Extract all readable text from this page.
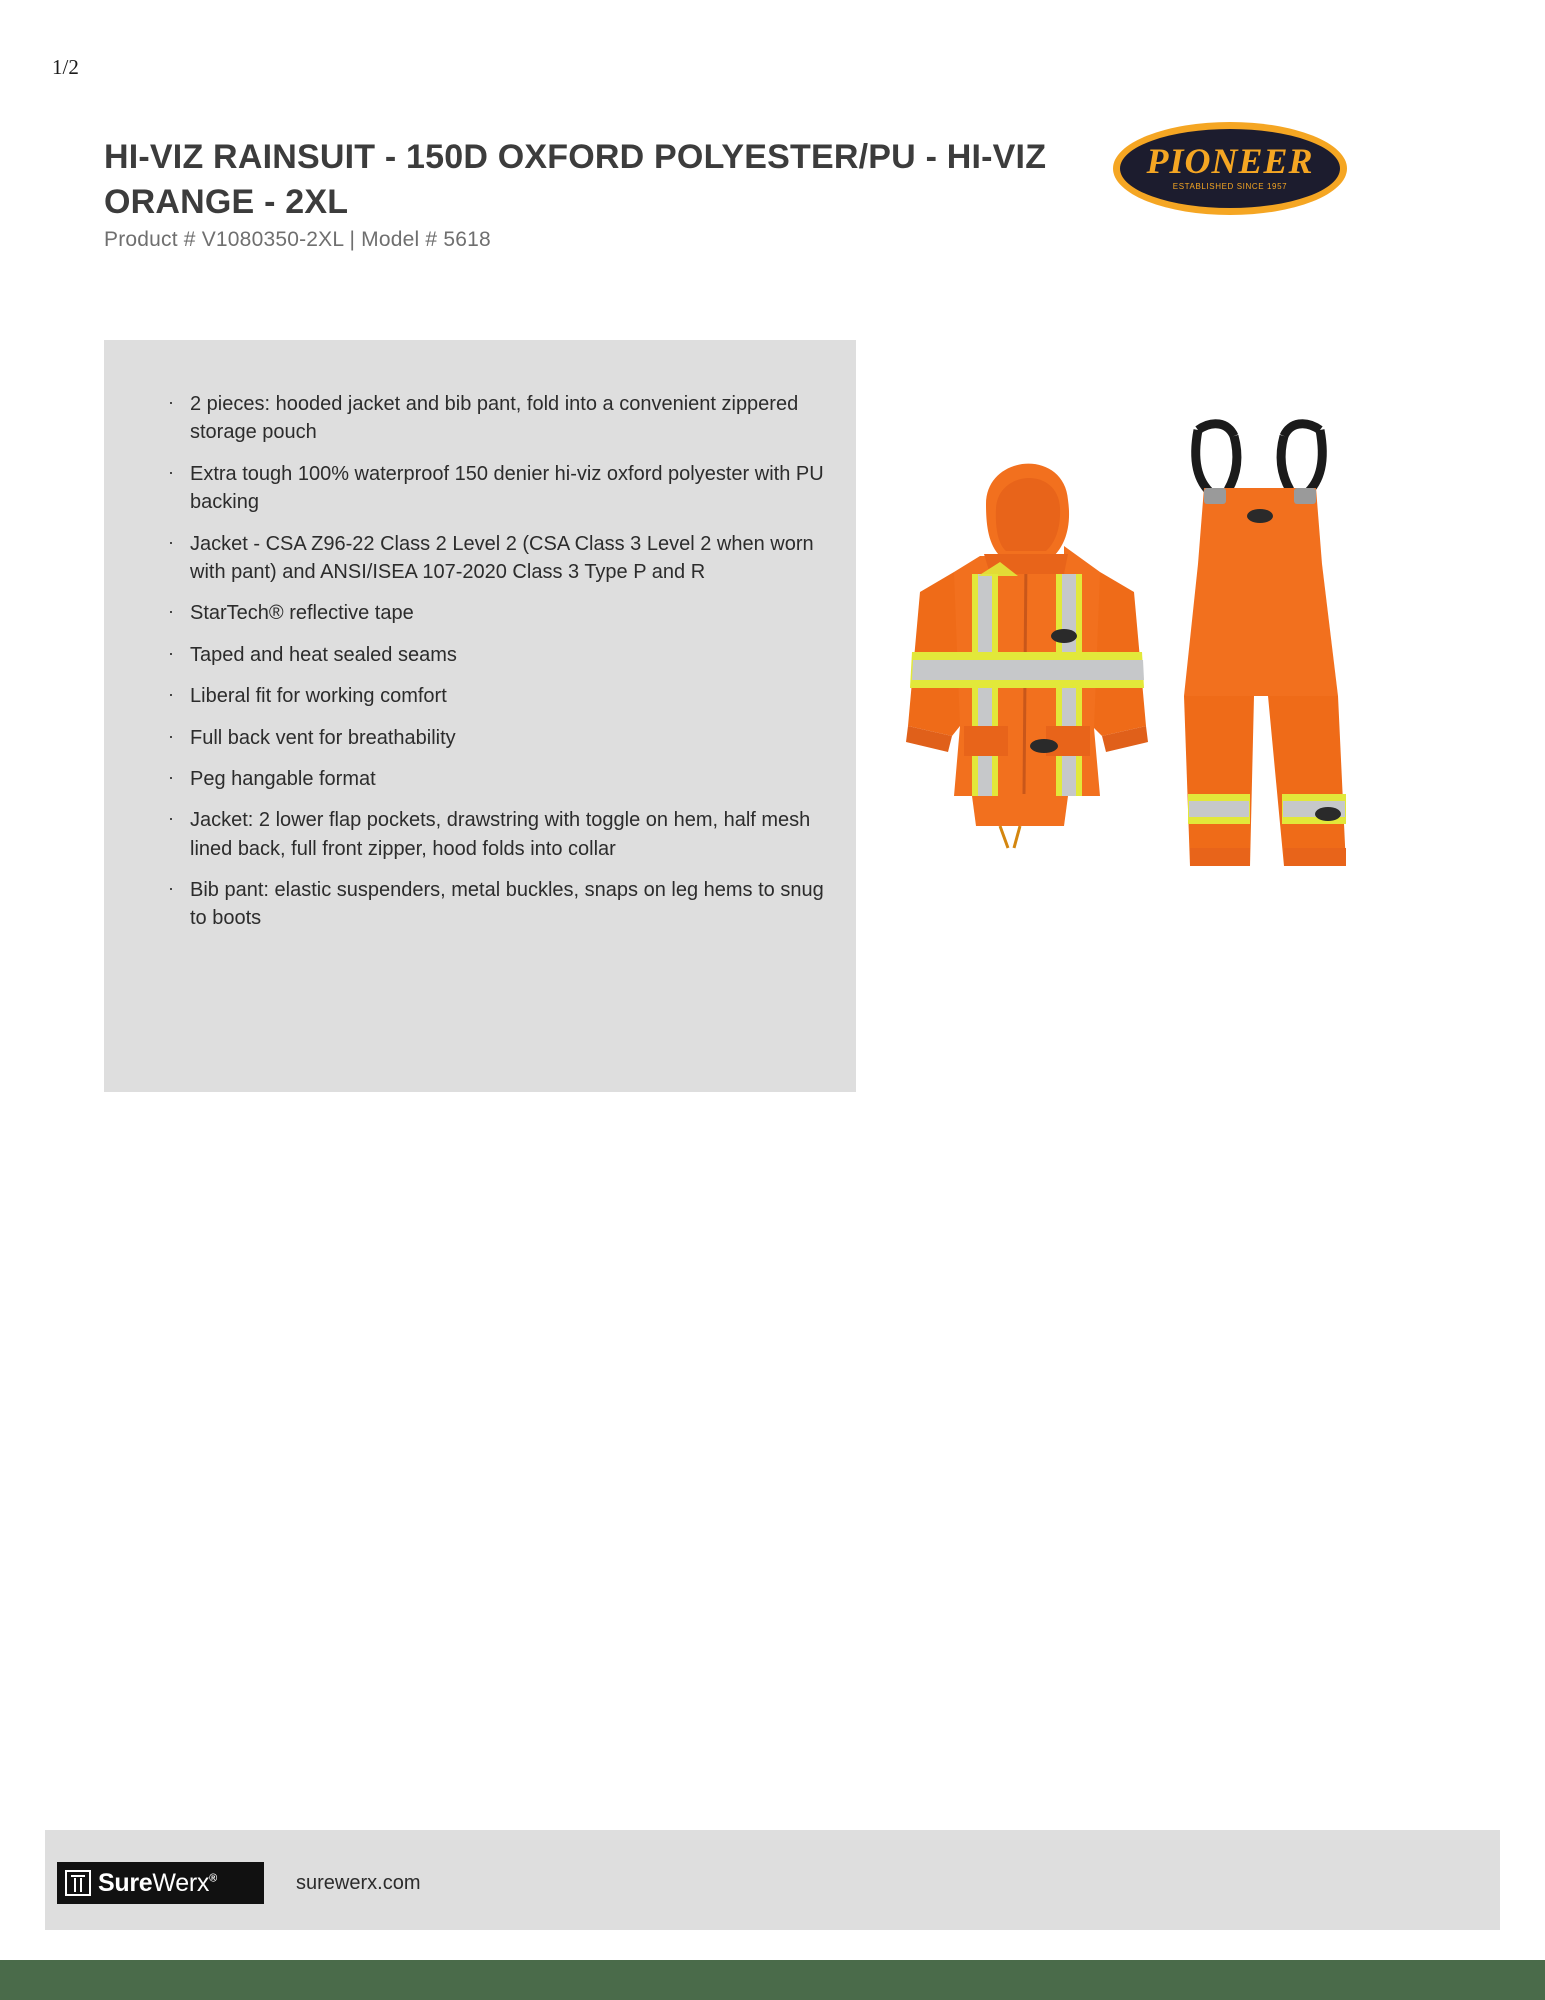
1/2
HI-VIZ RAINSUIT - 150D OXFORD POLYESTER/PU - HI-VIZ ORANGE - 2XL
Product # V1080350-2XL | Model # 5618
PIONEER
ESTABLISHED SINCE 1957
· 2 pieces: hooded jacket and bib pant, fold into a convenient zippered storage pouch
· Extra tough 100% waterproof 150 denier hi-viz oxford polyester with PU backing
· Jacket - CSA Z96-22 Class 2 Level 2 (CSA Class 3 Level 2 when worn with pant) and ANSI/ISEA 107-2020 Class 3 Type P and R
· StarTech® reflective tape
· Taped and heat sealed seams
· Liberal fit for working comfort
· Full back vent for breathability
· Peg hangable format
· Jacket: 2 lower flap pockets, drawstring with toggle on hem, half mesh lined back, full front zipper, hood folds into collar
· Bib pant: elastic suspenders, metal buckles, snaps on leg hems to snug to boots
SureWerx®	surewerx.com
